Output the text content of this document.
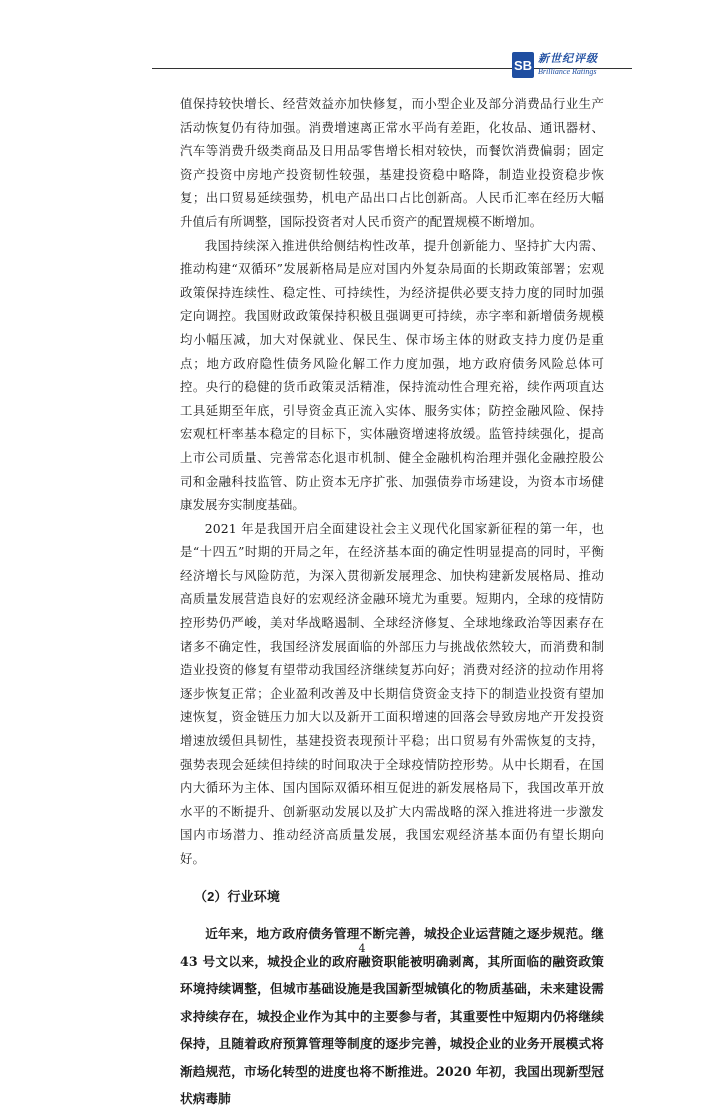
SB 新世纪评级
Brilliance Ratings

值保持较快增长、经营效益亦加快修复，而小型企业及部分消费品行业生产活动恢复仍有待加强。消费增速离正常水平尚有差距，化妆品、通讯器材、汽车等消费升级类商品及日用品零售增长相对较快，而餐饮消费偏弱；固定资产投资中房地产投资韧性较强，基建投资稳中略降，制造业投资稳步恢复；出口贸易延续强势，机电产品出口占比创新高。人民币汇率在经历大幅升值后有所调整，国际投资者对人民币资产的配置规模不断增加。

我国持续深入推进供给侧结构性改革，提升创新能力、坚持扩大内需、推动构建“双循环”发展新格局是应对国内外复杂局面的长期政策部署；宏观政策保持连续性、稳定性、可持续性，为经济提供必要支持力度的同时加强定向调控。我国财政政策保持积极且强调更可持续，赤字率和新增债务规模均小幅压减，加大对保就业、保民生、保市场主体的财政支持力度仍是重点；地方政府隐性债务风险化解工作力度加强，地方政府债务风险总体可控。央行的稳健的货币政策灵活精准，保持流动性合理充裕，续作两项直达工具延期至年底，引导资金真正流入实体、服务实体；防控金融风险、保持宏观杠杆率基本稳定的目标下，实体融资增速将放缓。监管持续强化，提高上市公司质量、完善常态化退市机制、健全金融机构治理并强化金融控股公司和金融科技监管、防止资本无序扩张、加强债券市场建设，为资本市场健康发展夯实制度基础。

2021 年是我国开启全面建设社会主义现代化国家新征程的第一年，也是“十四五”时期的开局之年，在经济基本面的确定性明显提高的同时，平衡经济增长与风险防范，为深入贯彻新发展理念、加快构建新发展格局、推动高质量发展营造良好的宏观经济金融环境尤为重要。短期内，全球的疫情防控形势仍严峻，美对华战略遏制、全球经济修复、全球地缘政治等因素存在诸多不确定性，我国经济发展面临的外部压力与挑战依然较大，而消费和制造业投资的修复有望带动我国经济继续复苏向好；消费对经济的拉动作用将逐步恢复正常；企业盈利改善及中长期信贷资金支持下的制造业投资有望加速恢复，资金链压力加大以及新开工面积增速的回落会导致房地产开发投资增速放缓但具韧性，基建投资表现预计平稳；出口贸易有外需恢复的支持，强势表现会延续但持续的时间取决于全球疫情防控形势。从中长期看，在国内大循环为主体、国内国际双循环相互促进的新发展格局下，我国改革开放水平的不断提升、创新驱动发展以及扩大内需战略的深入推进将进一步激发国内市场潜力、推动经济高质量发展，我国宏观经济基本面仍有望长期向好。

（2）行业环境

近年来，地方政府债务管理不断完善，城投企业运营随之逐步规范。继 43 号文以来，城投企业的政府融资职能被明确剥离，其所面临的融资政策环境持续调整，但城市基础设施是我国新型城镇化的物质基础，未来建设需求持续存在，城投企业作为其中的主要参与者，其重要性中短期内仍将继续保持，且随着政府预算管理等制度的逐步完善，城投企业的业务开展模式将渐趋规范，市场化转型的进度也将不断推进。2020 年初，我国出现新型冠状病毒肺

4
